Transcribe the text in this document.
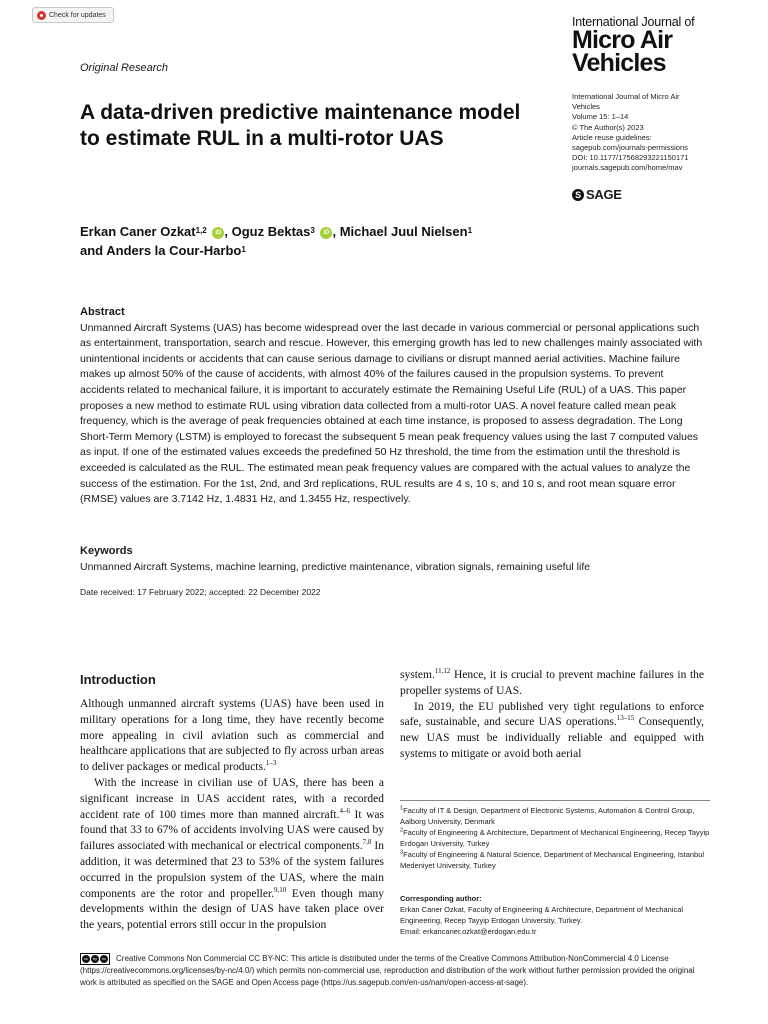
Check for updates	International Journal of
Micro Air
Vehicles
Original Research
A data-driven predictive maintenance model to estimate RUL in a multi-rotor UAS
International Journal of Micro Air
Vehicles
Volume 15: 1–14
© The Author(s) 2023
Article reuse guidelines:
sagepub.com/journals-permissions
DOI: 10.1177/17568293221150171
journals.sagepub.com/home/mav
S SAGE
Erkan Caner Ozkat$^{1,2}$ iD , Oguz Bektas$^3$ iD , Michael Juul Nielsen$^1$
and Anders la Cour-Harbo$^1$
Abstract
Unmanned Aircraft Systems (UAS) has become widespread over the last decade in various commercial or personal applications such as entertainment, transportation, search and rescue. However, this emerging growth has led to new challenges mainly associated with unintentional incidents or accidents that can cause serious damage to civilians or disrupt manned aerial activities. Machine failure makes up almost 50% of the cause of accidents, with almost 40% of the failures caused in the propulsion systems. To prevent accidents related to mechanical failure, it is important to accurately estimate the Remaining Useful Life (RUL) of a UAS. This paper proposes a new method to estimate RUL using vibration data collected from a multi-rotor UAS. A novel feature called mean peak frequency, which is the average of peak frequencies obtained at each time instance, is proposed to assess degradation. The Long Short-Term Memory (LSTM) is employed to forecast the subsequent 5 mean peak frequency values using the last 7 computed values as input. If one of the estimated values exceeds the predefined 50 Hz threshold, the time from the estimation until the threshold is exceeded is calculated as the RUL. The estimated mean peak frequency values are compared with the actual values to analyze the success of the estimation. For the 1st, 2nd, and 3rd replications, RUL results are 4 s, 10 s, and 10 s, and root mean square error (RMSE) values are 3.7142 Hz, 1.4831 Hz, and 1.3455 Hz, respectively.
Keywords
Unmanned Aircraft Systems, machine learning, predictive maintenance, vibration signals, remaining useful life
Date received: 17 February 2022; accepted: 22 December 2022
Introduction

Although unmanned aircraft systems (UAS) have been used in military operations for a long time, they have recently become more appealing in civil aviation such as commercial and healthcare applications that are subjected to fly across urban areas to deliver packages or medical products.$^{1-3}$

With the increase in civilian use of UAS, there has been a significant increase in UAS accident rates, with a recorded accident rate of 100 times more than manned aircraft.$^{4-6}$ It was found that 33 to 67% of accidents involving UAS were caused by failures associated with mechanical or electrical components.$^{7,8}$ In addition, it was determined that 23 to 53% of the system failures occurred in the propulsion system of the UAS, where the main components are the rotor and propeller.$^{9,10}$ Even though many developments within the design of UAS have taken place over the years, potential errors still occur in the propulsion

system.$^{11,12}$ Hence, it is crucial to prevent machine failures in the propeller systems of UAS.

In 2019, the EU published very tight regulations to enforce safe, sustainable, and secure UAS operations.$^{13-15}$ Consequently, new UAS must be individually reliable and equipped with systems to mitigate or avoid both aerial

$^1$Faculty of IT & Design, Department of Electronic Systems, Automation & Control Group, Aalborg University, Denmark

$^2$Faculty of Engineering & Architecture, Department of Mechanical Engineering, Recep Tayyip Erdogan University, Turkey

$^3$Faculty of Engineering & Natural Science, Department of Mechanical Engineering, Istanbul Medeniyet University, Turkey

Corresponding author:

Erkan Caner Ozkat, Faculty of Engineering & Architecture, Department of Mechanical Engineering, Recep Tayyip Erdogan University, Turkey.

Email: erkancaner.ozkat@erdogan.edu.tr

cc	by	nc Creative Commons Non Commercial CC BY-NC: This article is distributed under the terms of the Creative Commons Attribution-NonCommercial 4.0 License (https://creativecommons.org/licenses/by-nc/4.0/) which permits non-commercial use, reproduction and distribution of the work without further permission provided the original work is attributed as specified on the SAGE and Open Access page (https://us.sagepub.com/en-us/nam/open-access-at-sage).
